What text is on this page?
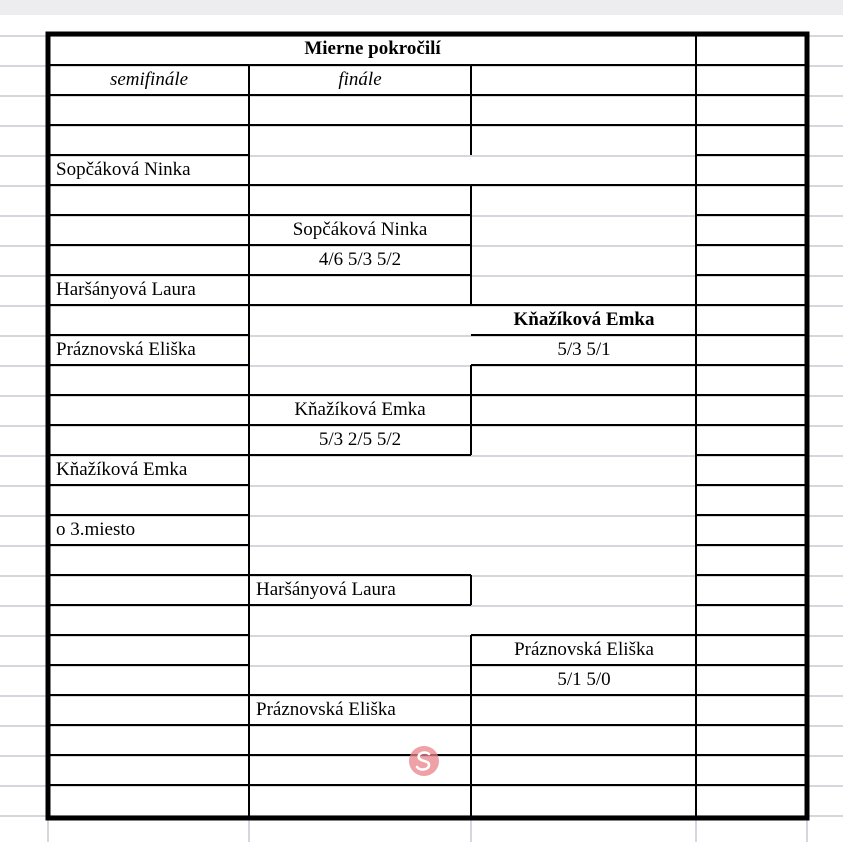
Mierne pokročilí
semifinále	finále
Sopčáková Ninka
Sopčáková Ninka
4/6 5/3 5/2
Haršányová Laura
Kňažíková Emka
Práznovská Eliška	5/3 5/1
Kňažíková Emka
5/3 2/5 5/2
Kňažíková Emka
o 3.miesto
Haršányová Laura
Práznovská Eliška
5/1 5/0
Práznovská Eliška
